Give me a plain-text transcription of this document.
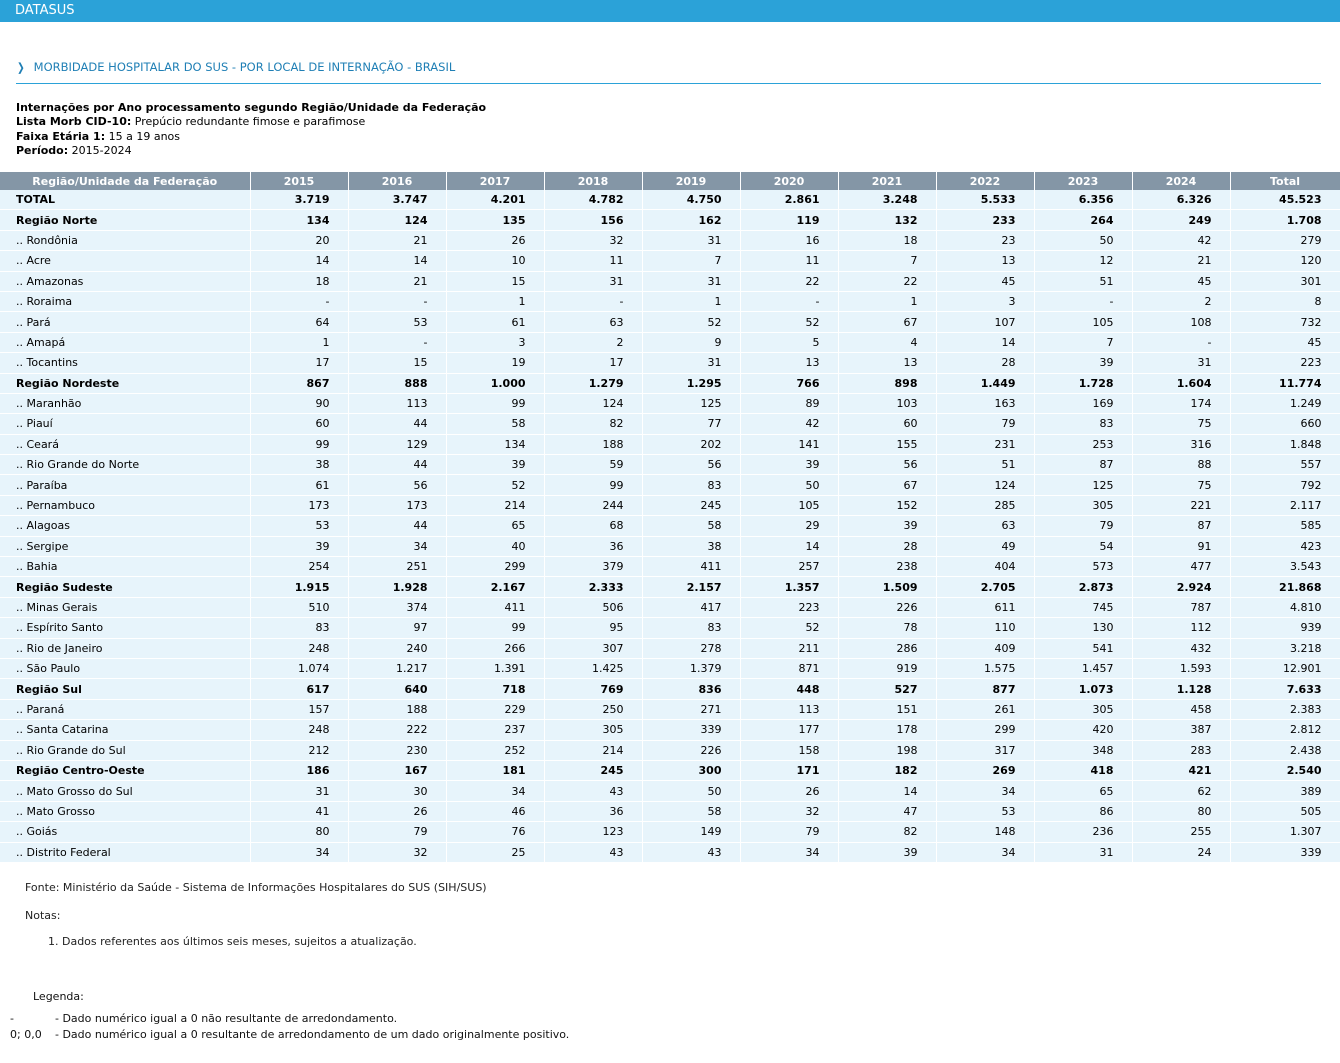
DATASUS
❯ MORBIDADE HOSPITALAR DO SUS - POR LOCAL DE INTERNAÇÃO - BRASIL
Internações por Ano processamento segundo Região/Unidade da Federação
Lista Morb CID-10: Prepúcio redundante fimose e parafimose
Faixa Etária 1: 15 a 19 anos
Período: 2015-2024
Região/Unidade da Federação	2015	2016	2017	2018	2019	2020	2021	2022	2023	2024	Total
TOTAL	3.719	3.747	4.201	4.782	4.750	2.861	3.248	5.533	6.356	6.326	45.523
Região Norte	134	124	135	156	162	119	132	233	264	249	1.708
.. Rondônia	20	21	26	32	31	16	18	23	50	42	279
.. Acre	14	14	10	11	7	11	7	13	12	21	120
.. Amazonas	18	21	15	31	31	22	22	45	51	45	301
.. Roraima	-	-	1	-	1	-	1	3	-	2	8
.. Pará	64	53	61	63	52	52	67	107	105	108	732
.. Amapá	1	-	3	2	9	5	4	14	7	-	45
.. Tocantins	17	15	19	17	31	13	13	28	39	31	223
Região Nordeste	867	888	1.000	1.279	1.295	766	898	1.449	1.728	1.604	11.774
.. Maranhão	90	113	99	124	125	89	103	163	169	174	1.249
.. Piauí	60	44	58	82	77	42	60	79	83	75	660
.. Ceará	99	129	134	188	202	141	155	231	253	316	1.848
.. Rio Grande do Norte	38	44	39	59	56	39	56	51	87	88	557
.. Paraíba	61	56	52	99	83	50	67	124	125	75	792
.. Pernambuco	173	173	214	244	245	105	152	285	305	221	2.117
.. Alagoas	53	44	65	68	58	29	39	63	79	87	585
.. Sergipe	39	34	40	36	38	14	28	49	54	91	423
.. Bahia	254	251	299	379	411	257	238	404	573	477	3.543
Região Sudeste	1.915	1.928	2.167	2.333	2.157	1.357	1.509	2.705	2.873	2.924	21.868
.. Minas Gerais	510	374	411	506	417	223	226	611	745	787	4.810
.. Espírito Santo	83	97	99	95	83	52	78	110	130	112	939
.. Rio de Janeiro	248	240	266	307	278	211	286	409	541	432	3.218
.. São Paulo	1.074	1.217	1.391	1.425	1.379	871	919	1.575	1.457	1.593	12.901
Região Sul	617	640	718	769	836	448	527	877	1.073	1.128	7.633
.. Paraná	157	188	229	250	271	113	151	261	305	458	2.383
.. Santa Catarina	248	222	237	305	339	177	178	299	420	387	2.812
.. Rio Grande do Sul	212	230	252	214	226	158	198	317	348	283	2.438
Região Centro-Oeste	186	167	181	245	300	171	182	269	418	421	2.540
.. Mato Grosso do Sul	31	30	34	43	50	26	14	34	65	62	389
.. Mato Grosso	41	26	46	36	58	32	47	53	86	80	505
.. Goiás	80	79	76	123	149	79	82	148	236	255	1.307
.. Distrito Federal	34	32	25	43	43	34	39	34	31	24	339
Fonte: Ministério da Saúde - Sistema de Informações Hospitalares do SUS (SIH/SUS)
Notas:
1. Dados referentes aos últimos seis meses, sujeitos a atualização.
Legenda:
-	- Dado numérico igual a 0 não resultante de arredondamento.
0; 0,0 - Dado numérico igual a 0 resultante de arredondamento de um dado originalmente positivo.
